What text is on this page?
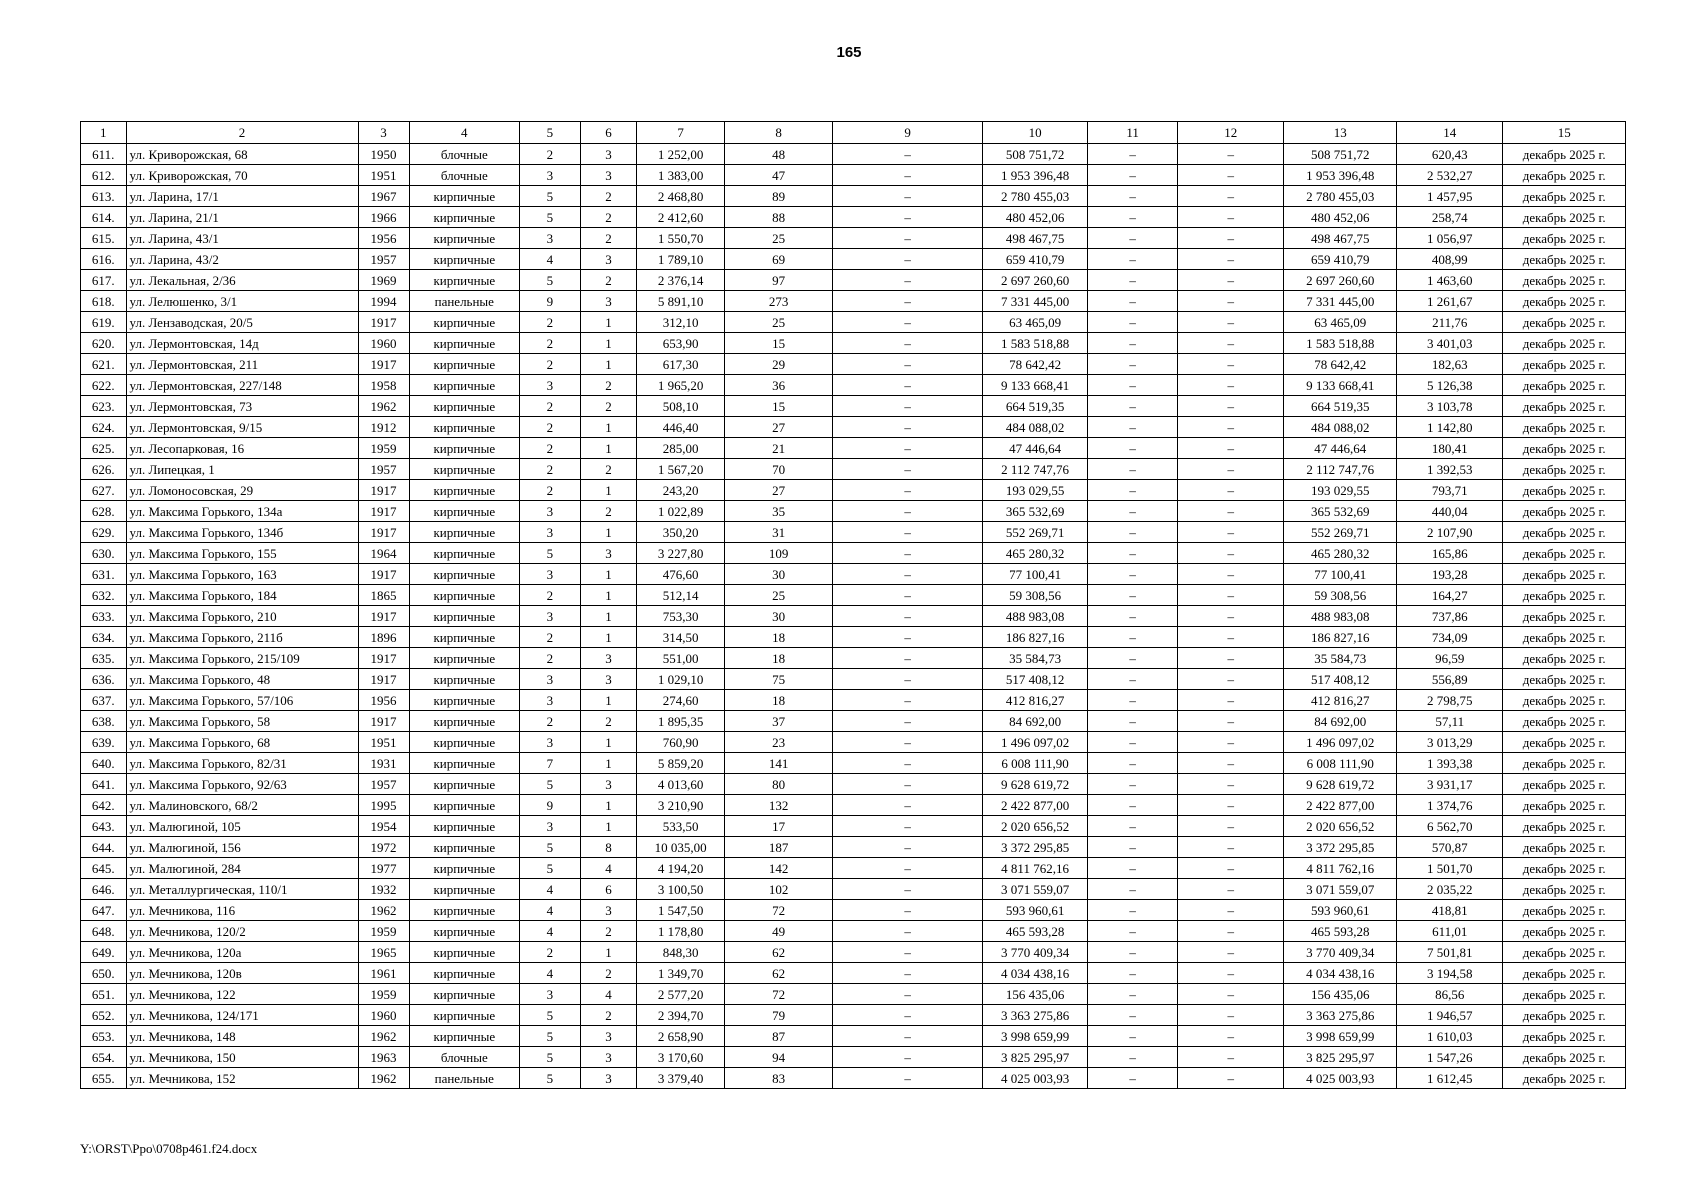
165
1	2	3	4	5	6	7	8	9	10	11	12	13	14	15
611.	ул. Криворожская, 68	1950	блочные	2	3	1 252,00	48	–	508 751,72	–	–	508 751,72	620,43	декабрь 2025 г.
612.	ул. Криворожская, 70	1951	блочные	3	3	1 383,00	47	–	1 953 396,48	–	–	1 953 396,48	2 532,27	декабрь 2025 г.
613.	ул. Ларина, 17/1	1967	кирпичные	5	2	2 468,80	89	–	2 780 455,03	–	–	2 780 455,03	1 457,95	декабрь 2025 г.
614.	ул. Ларина, 21/1	1966	кирпичные	5	2	2 412,60	88	–	480 452,06	–	–	480 452,06	258,74	декабрь 2025 г.
615.	ул. Ларина, 43/1	1956	кирпичные	3	2	1 550,70	25	–	498 467,75	–	–	498 467,75	1 056,97	декабрь 2025 г.
616.	ул. Ларина, 43/2	1957	кирпичные	4	3	1 789,10	69	–	659 410,79	–	–	659 410,79	408,99	декабрь 2025 г.
617.	ул. Лекальная, 2/36	1969	кирпичные	5	2	2 376,14	97	–	2 697 260,60	–	–	2 697 260,60	1 463,60	декабрь 2025 г.
618.	ул. Лелюшенко, 3/1	1994	панельные	9	3	5 891,10	273	–	7 331 445,00	–	–	7 331 445,00	1 261,67	декабрь 2025 г.
619.	ул. Лензаводская, 20/5	1917	кирпичные	2	1	312,10	25	–	63 465,09	–	–	63 465,09	211,76	декабрь 2025 г.
620.	ул. Лермонтовская, 14д	1960	кирпичные	2	1	653,90	15	–	1 583 518,88	–	–	1 583 518,88	3 401,03	декабрь 2025 г.
621.	ул. Лермонтовская, 211	1917	кирпичные	2	1	617,30	29	–	78 642,42	–	–	78 642,42	182,63	декабрь 2025 г.
622.	ул. Лермонтовская, 227/148	1958	кирпичные	3	2	1 965,20	36	–	9 133 668,41	–	–	9 133 668,41	5 126,38	декабрь 2025 г.
623.	ул. Лермонтовская, 73	1962	кирпичные	2	2	508,10	15	–	664 519,35	–	–	664 519,35	3 103,78	декабрь 2025 г.
624.	ул. Лермонтовская, 9/15	1912	кирпичные	2	1	446,40	27	–	484 088,02	–	–	484 088,02	1 142,80	декабрь 2025 г.
625.	ул. Лесопарковая, 16	1959	кирпичные	2	1	285,00	21	–	47 446,64	–	–	47 446,64	180,41	декабрь 2025 г.
626.	ул. Липецкая, 1	1957	кирпичные	2	2	1 567,20	70	–	2 112 747,76	–	–	2 112 747,76	1 392,53	декабрь 2025 г.
627.	ул. Ломоносовская, 29	1917	кирпичные	2	1	243,20	27	–	193 029,55	–	–	193 029,55	793,71	декабрь 2025 г.
628.	ул. Максима Горького, 134а	1917	кирпичные	3	2	1 022,89	35	–	365 532,69	–	–	365 532,69	440,04	декабрь 2025 г.
629.	ул. Максима Горького, 134б	1917	кирпичные	3	1	350,20	31	–	552 269,71	–	–	552 269,71	2 107,90	декабрь 2025 г.
630.	ул. Максима Горького, 155	1964	кирпичные	5	3	3 227,80	109	–	465 280,32	–	–	465 280,32	165,86	декабрь 2025 г.
631.	ул. Максима Горького, 163	1917	кирпичные	3	1	476,60	30	–	77 100,41	–	–	77 100,41	193,28	декабрь 2025 г.
632.	ул. Максима Горького, 184	1865	кирпичные	2	1	512,14	25	–	59 308,56	–	–	59 308,56	164,27	декабрь 2025 г.
633.	ул. Максима Горького, 210	1917	кирпичные	3	1	753,30	30	–	488 983,08	–	–	488 983,08	737,86	декабрь 2025 г.
634.	ул. Максима Горького, 211б	1896	кирпичные	2	1	314,50	18	–	186 827,16	–	–	186 827,16	734,09	декабрь 2025 г.
635.	ул. Максима Горького, 215/109	1917	кирпичные	2	3	551,00	18	–	35 584,73	–	–	35 584,73	96,59	декабрь 2025 г.
636.	ул. Максима Горького, 48	1917	кирпичные	3	3	1 029,10	75	–	517 408,12	–	–	517 408,12	556,89	декабрь 2025 г.
637.	ул. Максима Горького, 57/106	1956	кирпичные	3	1	274,60	18	–	412 816,27	–	–	412 816,27	2 798,75	декабрь 2025 г.
638.	ул. Максима Горького, 58	1917	кирпичные	2	2	1 895,35	37	–	84 692,00	–	–	84 692,00	57,11	декабрь 2025 г.
639.	ул. Максима Горького, 68	1951	кирпичные	3	1	760,90	23	–	1 496 097,02	–	–	1 496 097,02	3 013,29	декабрь 2025 г.
640.	ул. Максима Горького, 82/31	1931	кирпичные	7	1	5 859,20	141	–	6 008 111,90	–	–	6 008 111,90	1 393,38	декабрь 2025 г.
641.	ул. Максима Горького, 92/63	1957	кирпичные	5	3	4 013,60	80	–	9 628 619,72	–	–	9 628 619,72	3 931,17	декабрь 2025 г.
642.	ул. Малиновского, 68/2	1995	кирпичные	9	1	3 210,90	132	–	2 422 877,00	–	–	2 422 877,00	1 374,76	декабрь 2025 г.
643.	ул. Малюгиной, 105	1954	кирпичные	3	1	533,50	17	–	2 020 656,52	–	–	2 020 656,52	6 562,70	декабрь 2025 г.
644.	ул. Малюгиной, 156	1972	кирпичные	5	8	10 035,00	187	–	3 372 295,85	–	–	3 372 295,85	570,87	декабрь 2025 г.
645.	ул. Малюгиной, 284	1977	кирпичные	5	4	4 194,20	142	–	4 811 762,16	–	–	4 811 762,16	1 501,70	декабрь 2025 г.
646.	ул. Металлургическая, 110/1	1932	кирпичные	4	6	3 100,50	102	–	3 071 559,07	–	–	3 071 559,07	2 035,22	декабрь 2025 г.
647.	ул. Мечникова, 116	1962	кирпичные	4	3	1 547,50	72	–	593 960,61	–	–	593 960,61	418,81	декабрь 2025 г.
648.	ул. Мечникова, 120/2	1959	кирпичные	4	2	1 178,80	49	–	465 593,28	–	–	465 593,28	611,01	декабрь 2025 г.
649.	ул. Мечникова, 120а	1965	кирпичные	2	1	848,30	62	–	3 770 409,34	–	–	3 770 409,34	7 501,81	декабрь 2025 г.
650.	ул. Мечникова, 120в	1961	кирпичные	4	2	1 349,70	62	–	4 034 438,16	–	–	4 034 438,16	3 194,58	декабрь 2025 г.
651.	ул. Мечникова, 122	1959	кирпичные	3	4	2 577,20	72	–	156 435,06	–	–	156 435,06	86,56	декабрь 2025 г.
652.	ул. Мечникова, 124/171	1960	кирпичные	5	2	2 394,70	79	–	3 363 275,86	–	–	3 363 275,86	1 946,57	декабрь 2025 г.
653.	ул. Мечникова, 148	1962	кирпичные	5	3	2 658,90	87	–	3 998 659,99	–	–	3 998 659,99	1 610,03	декабрь 2025 г.
654.	ул. Мечникова, 150	1963	блочные	5	3	3 170,60	94	–	3 825 295,97	–	–	3 825 295,97	1 547,26	декабрь 2025 г.
655.	ул. Мечникова, 152	1962	панельные	5	3	3 379,40	83	–	4 025 003,93	–	–	4 025 003,93	1 612,45	декабрь 2025 г.
Y:\ORST\Ppo\0708p461.f24.docx
